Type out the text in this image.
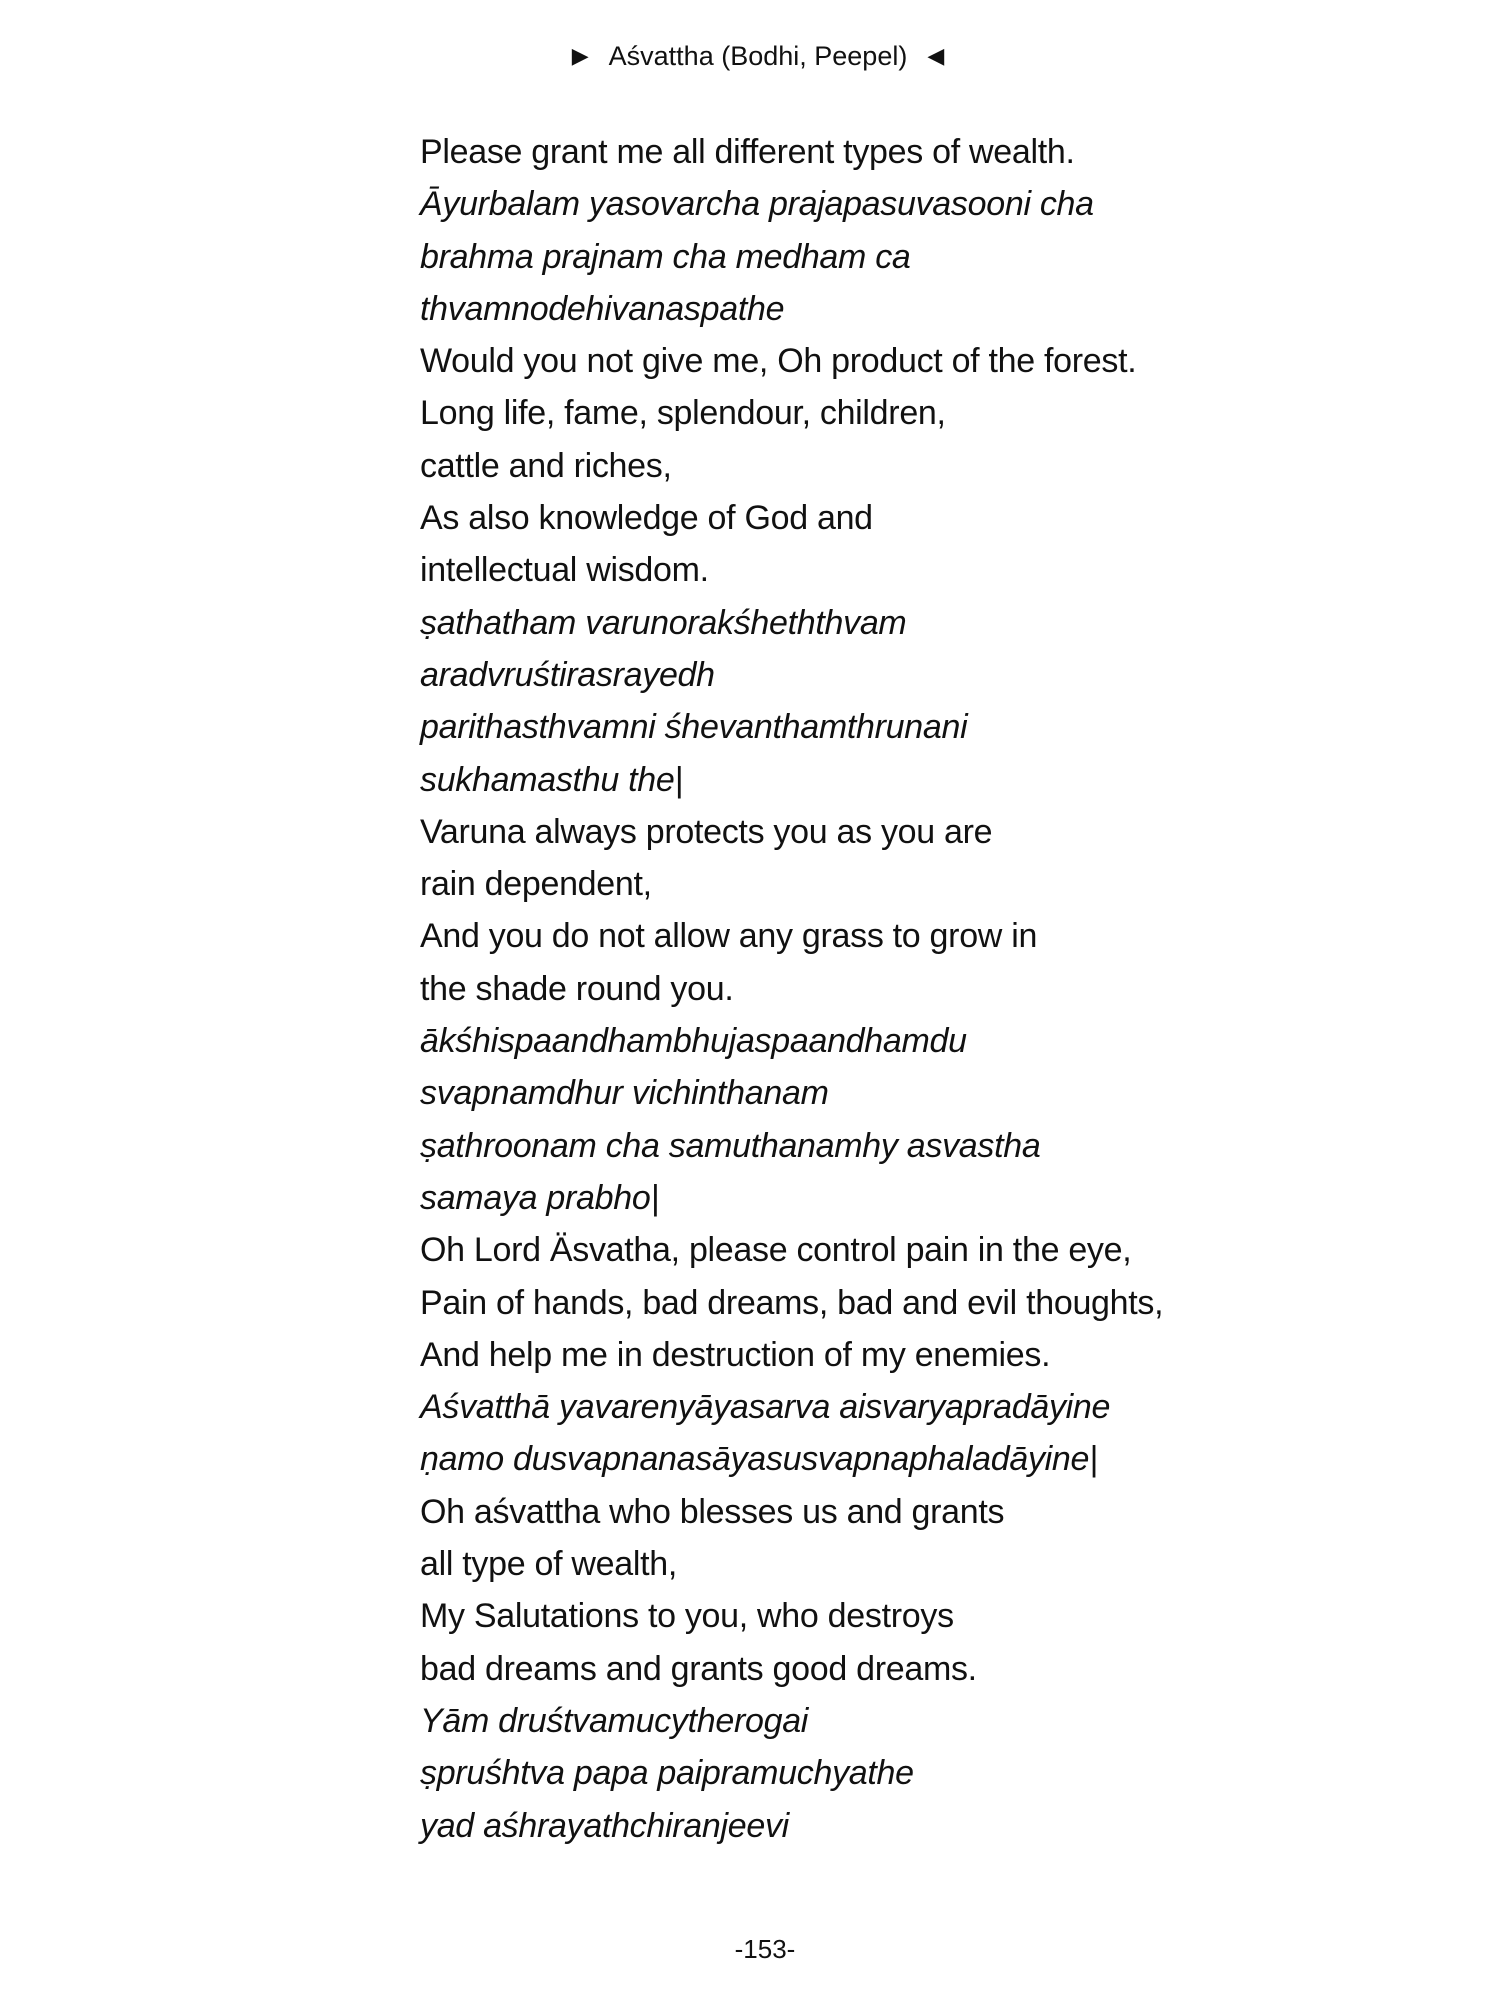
▶ Aśvattha (Bodhi, Peepel) ◀
Please grant me all different types of wealth.
Āyurbalam yasovarcha prajapasuvasooni cha
brahma prajnam cha medham ca
thvamnodehivanaspathe
Would you not give me, Oh product of the forest.
Long life, fame, splendour, children,
cattle and riches,
As also knowledge of God and
intellectual wisdom.
ṣathatham varunorakśheththvam
aradvruśtirasrayedh
parithasthvamni śhevanthamthrunani
sukhamasthu the|
Varuna always protects you as you are
rain dependent,
And you do not allow any grass to grow in
the shade round you.
ākśhispaandhambhujaspaandhamdu
svapnamdhur vichinthanam
ṣathroonam cha samuthanamhy asvastha
samaya prabho|
Oh Lord Äsvatha, please control pain in the eye,
Pain of hands, bad dreams, bad and evil thoughts,
And help me in destruction of my enemies.
Aśvatthā yavarenyāyasarva aisvaryapradāyine
ṇamo dusvapnanasāyasusvapnaphaladāyine|
Oh aśvattha who blesses us and grants
all type of wealth,
My Salutations to you, who destroys
bad dreams and grants good dreams.
Yām druśtvamucytherogai
ṣpruśhtva papa paipramuchyathe
yad aśhrayathchiranjeevi
-153-
